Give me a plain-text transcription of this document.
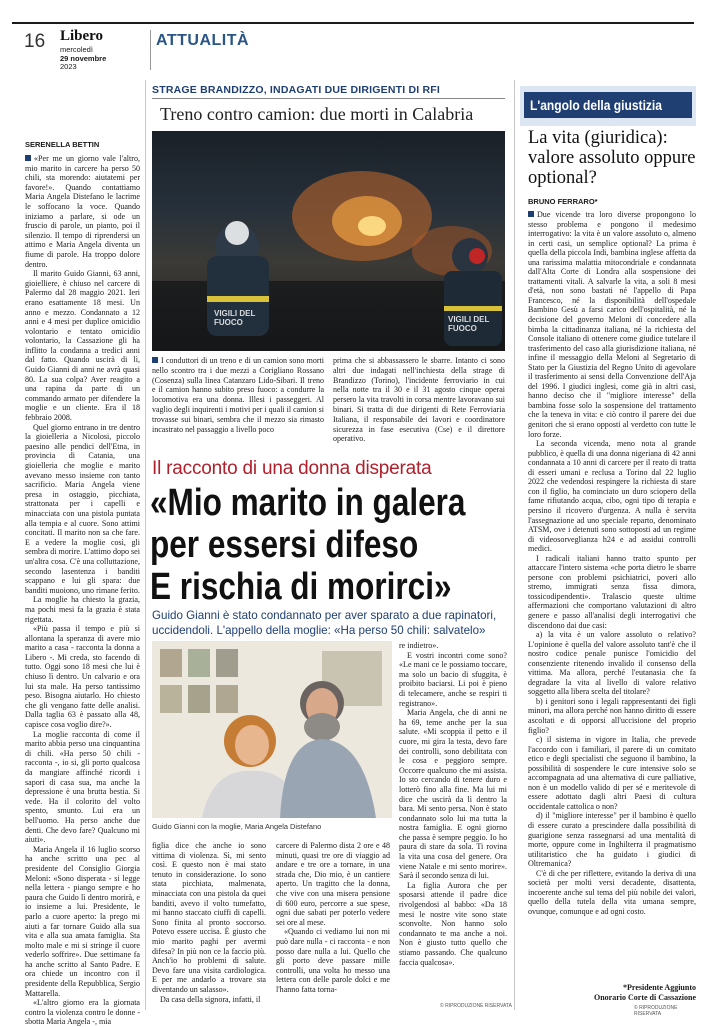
16 Libero
mercoledì
29 novembre
2023
ATTUALITÀ
STRAGE BRANDIZZO, INDAGATI DUE DIRIGENTI DI RFI
Treno contro camion: due morti in Calabria
VIGILI DEL FUOCO	VIGILI DEL FUOCO

I conduttori di un treno e di un camion sono morti nello scontro tra i due mezzi a Corigliano Rossano (Cosenza) sulla linea Catanzaro Lido-Sibari. Il treno e il camion hanno subito preso fuoco: a condurre la locomotiva era una donna. Illesi i passeggeri. Al vaglio degli inquirenti i motivi per i quali il camion si trovasse sui binari, sembra che il mezzo sia rimasto incastrato nel passaggio a livello poco

prima che si abbassassero le sbarre. Intanto ci sono altri due indagati nell'inchiesta della strage di Brandizzo (Torino), l'incidente ferroviario in cui nella notte tra il 30 e il 31 agosto cinque operai persero la vita travolti in corsa mentre lavoravano sui binari. Si tratta di due dirigenti di Rete Ferroviaria Italiana, il responsabile dei lavori e coordinatore sicurezza in fase esecutiva (Cse) e il direttore operativo.

SERENELLA BETTIN

«Per me un giorno vale l'altro, mio marito in carcere ha perso 50 chili, sta morendo: aiutatemi per favore!». Quando contattiamo Maria Angela Distefano le lacrime le soffocano la voce. Quando iniziamo a parlare, si ode un fruscio di parole, un pianto, poi il silenzio. Il tempo di riprendersi un attimo e Maria Angela diventa un fiume di parole. Ha troppo dolore dentro.

Il marito Guido Gianni, 63 anni, gioielliere, è chiuso nel carcere di Palermo dal 28 maggio 2021. Ieri erano esattamente 18 mesi. Un anno e mezzo. Condannato a 12 anni e 4 mesi per duplice omicidio volontario e tentato omicidio volontario, la Cassazione gli ha inflitto la condanna a tredici anni dal fatto. Quando uscirà di lì, Guido Gianni di anni ne avrà quasi 80. La sua colpa? Aver reagito a una rapina da parte di un commando armato per difendere la moglie e un cliente. Era il 18 febbraio 2008.

Quel giorno entrano in tre dentro la gioielleria a Nicolosi, piccolo paesino alle pendici dell'Etna, in provincia di Catania, una gioielleria che moglie e marito avevano messo insieme con tanto sacrificio. Maria Angela viene presa in ostaggio, picchiata, strattonata per i capelli e minacciata con una pistola puntata alla tempia e al cuore. Sono attimi concitati. Il marito non sa che fare. E a vedere la moglie così, gli sembra di morire. L'attimo dopo sei un'altra cosa. C'è una colluttazione, secondo lasentenza i banditi scappano e lui gli spara: due banditi muoiono, uno rimane ferito.

La moglie ha chiesto la grazia, ma pochi mesi fa la grazia è stata rigettata.

«Più passa il tempo e più si allontana la speranza di avere mio marito a casa - racconta la donna a Libero -. Mi creda, sto facendo di tutto. Oggi sono 18 mesi che lui è chiuso lì dentro. Un calvario e ora lui sta male. Ha perso tantissimo peso. Bisogna aiutarlo. Ho chiesto che gli vengano fatte delle analisi. Dalla taglia 63 è passato alla 48, capisce cosa voglio dire?».

La moglie racconta di come il marito abbia perso una cinquantina di chili. «Ha perso 50 chili - racconta -, io si, gli porto qualcosa da mangiare affinché ricordi i sapori di casa sua, ma anche la depressione è una brutta bestia. Si vede. Ha il colorito del volto spento, smunto. Lui era un bell'uomo. Ha perso anche due denti. Che devo fare? Qualcuno mi aiuti».

Maria Angela il 16 luglio scorso ha anche scritto una pec al presidente del Consiglio Giorgia Meloni: «Sono disperata - si legge nella lettera - piango sempre e ho paura che Guido lì dentro morirà, e io insieme a lui. Presidente, le parlo a cuore aperto: la prego mi aiuti a far tornare Guido alla sua vita e alla sua amata famiglia. Sta molto male e mi si stringe il cuore vederlo soffrire». Due settimane fa ha anche scritto al Santo Padre. E ora chiede un incontro con il presidente della Repubblica, Sergio Mattarella.

«L'altro giorno era la giornata contro la violenza contro le donne - sbotta Maria Angela -, mia

Il racconto di una donna disperata
«Mio marito in galera
per essersi difeso
E rischia di morirci»
Guido Gianni è stato condannato per aver sparato a due rapinatori, uccidendoli. L'appello della moglie: «Ha perso 50 chili: salvatelo»
Guido Gianni con la moglie, Maria Angela Distefano

figlia dice che anche io sono vittima di violenza. Sì, mi sento così. E questo non è mai stato tenuto in considerazione. Io sono stata picchiata, malmenata, minacciata con una pistola da quei banditi, avevo il volto tumefatto, mi hanno staccato ciuffi di capelli. Sono finita al pronto soccorso. Potevo essere uccisa. È giusto che mio marito paghi per avermi difesa? In più non ce la faccio più. Anch'io ho problemi di salute. Devo fare una visita cardiologica. E per me andarlo a trovare sta diventando un salasso».

Da casa della signora, infatti, il

carcere di Palermo dista 2 ore e 48 minuti, quasi tre ore di viaggio ad andare e tre ore a tornare, in una strada che, Dio mio, è un cantiere aperto. Un tragitto che la donna, che vive con una misera pensione di 600 euro, percorre a sue spese, ogni due sabati per poterlo vedere sei ore al mese.

«Quando ci vediamo lui non mi può dare nulla - ci racconta - e non posso dare nulla a lui. Quello che gli porto deve passare mille controlli, una volta ho messo una lettera con delle parole dolci e me l'hanno fatta torna-

re indietro».

E vostri incontri come sono? «Le mani ce le possiamo toccare, ma solo un bacio di sfuggita, è proibito baciarsi. Li poi è pieno di telecamere, anche se respiri ti registrano».

Maria Angela, che di anni ne ha 69, teme anche per la sua salute. «Mi scoppia il petto e il cuore, mi gira la testa, devo fare dei controlli, sono debilitata con le cosa e peggioro sempre. Occorre qualcuno che mi assista. Io sto cercando di tenere duro e lotterò fino alla fine. Ma lui mi dice che uscirà da lì dentro la bara. Mi sento persa. Non è stato condannato solo lui ma tutta la nostra famiglia. E ogni giorno che passa è sempre peggio. Io ho paura di stare da sola. Ti rovina la vita una cosa del genere. Ora viene Natale e mi sento morire». Sarà il secondo senza di lui.

La figlia Aurora che per sposarsi attende il padre dice rivolgendosi al babbo: «Da 18 mesi le nostre vite sono state sconvolte. Non hanno solo condannato te ma anche a noi. Non è giusto tutto quello che stiamo passando. Che qualcuno faccia qualcosa».

© RIPRODUZIONE RISERVATA
L'angolo della giustizia
La vita (giuridica): valore assoluto oppure optional?
BRUNO FERRARO*

Due vicende tra loro diverse propongono lo stesso problema e pongono il medesimo interrogativo: la vita è un valore assoluto o, almeno in certi casi, un semplice optional? La prima è quella della piccola Indi, bambina inglese affetta da una rarissima malattia mitocondriale e condannata dall'Alta Corte di Londra alla sospensione dei trattamenti vitali. A salvarle la vita, a soli 8 mesi d'età, non sono bastati né l'appello di Papa Francesco, né la disponibilità dell'ospedale Bambino Gesù a farsi carico dell'ospitalità, né la decisione del governo Meloni di concedere alla bimba la cittadinanza italiana, né la richiesta del Console italiano di ottenere come giudice tutelare il trasferimento del caso alla giurisdizione italiana, né infine il messaggio della Meloni al Segretario di Stato per la Giustizia del Regno Unito di agevolare il trasferimento ai sensi della Convenzione dell'Aja del 1996. I giudici inglesi, come già in altri casi, hanno deciso che il "migliore interesse" della bambina fosse solo la sospensione del trattamento che la teneva in vita: e ciò contro il parere dei due genitori che si erano opposti al verdetto con tutte le loro forze.

La seconda vicenda, meno nota al grande pubblico, è quella di una donna nigeriana di 42 anni condannata a 10 anni di carcere per il reato di tratta di esseri umani e reclusa a Torino dal 22 luglio 2022 che vedendosi respingere la richiesta di stare con il figlio, ha cominciato un duro sciopero della fame rifiutando acqua, cibo, ogni tipo di terapia e persino il ricovero d'urgenza. A nulla è servita l'assegnazione ad uno speciale reparto, denominato ATSM, ove i detenuti sono sottoposti ad un regime di videosorveglianza h24 e ad assidui controlli medici.

I radicali italiani hanno tratto spunto per attaccare l'intero sistema «che porta dietro le sbarre persone con problemi psichiatrici, poveri allo stremo, immigrati senza fissa dimora, tossicodipendenti». Tralascio queste ultime affermazioni che comportano valutazioni di altro genere e passo all'analisi degli interrogativi che discendono dai due casi:

a) la vita è un valore assoluto o relativo? L'opinione è quella del valore assoluto tant'è che il nostro codice penale punisce l'omicidio del consenziente ritenendo invalido il consenso della vittima. Ma allora, perché l'eutanasia che fa degradare la vita al livello di valore relativo soggetto alla libera scelta del titolare?

b) i genitori sono i legali rappresentanti dei figli minori, ma allora perché non hanno diritto di essere ascoltati e di opporsi all'uccisione del proprio figlio?

c) il sistema in vigore in Italia, che prevede l'accordo con i familiari, il parere di un comitato etico e degli specialisti che seguono il bambino, la possibilità di sospendere le cure intensive solo se accompagnata ad una alternativa di cure palliative, non è un modello valido di per sé e meritevole di essere adottato dagli altri Paesi di cultura occidentale cattolica o non?

d) il "migliore interesse" per il bambino è quello di essere curato a prescindere dalla possibilità di guarigione senza rassegnarsi ad una mentalità di morte, oppure come in Inghilterra il pragmatismo utilitaristico che ha guidato i giudici di Oltremanica?

C'è di che per riflettere, evitando la deriva di una società per molti versi decadente, disattenta, incoerente anche sul tema del più nobile dei valori, quello della tutela della vita umana sempre, ovunque, comunque e ad ogni costo.

*Presidente Aggiunto
Onorario Corte di Cassazione
© RIPRODUZIONE RISERVATA
